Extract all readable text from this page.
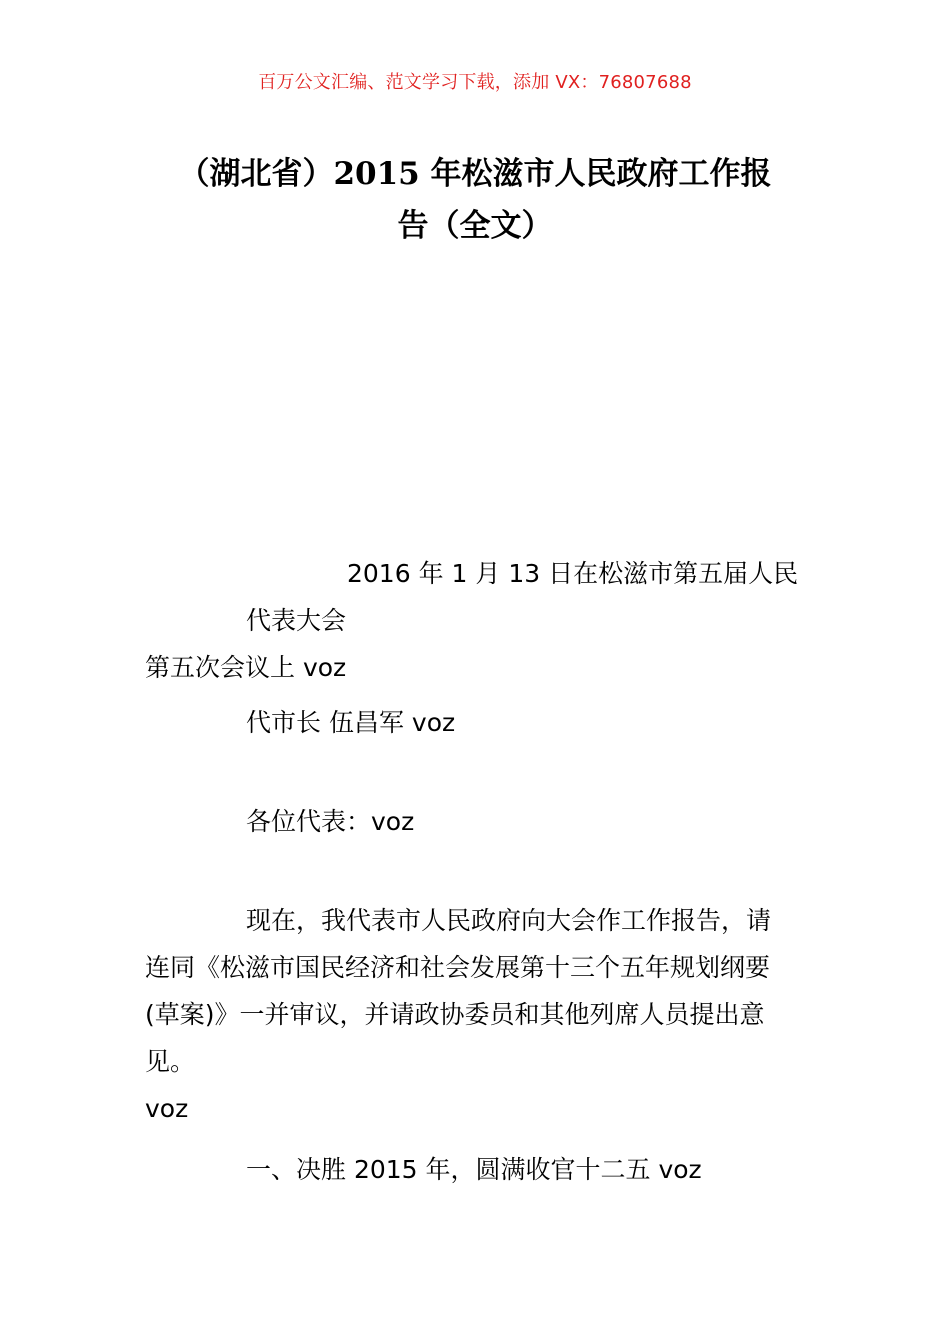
百万公文汇编、范文学习下载，添加 VX：76807688
（湖北省）2015 年松滋市人民政府工作报
告（全文）

2016 年 1 月 13 日在松滋市第五届人民代表大会
第五次会议上 voz

代市长 伍昌军 voz

各位代表：voz

现在，我代表市人民政府向大会作工作报告，请
连同《松滋市国民经济和社会发展第十三个五年规划纲要
(草案)》一并审议，并请政协委员和其他列席人员提出意见。
voz

一、决胜 2015 年，圆满收官十二五 voz
